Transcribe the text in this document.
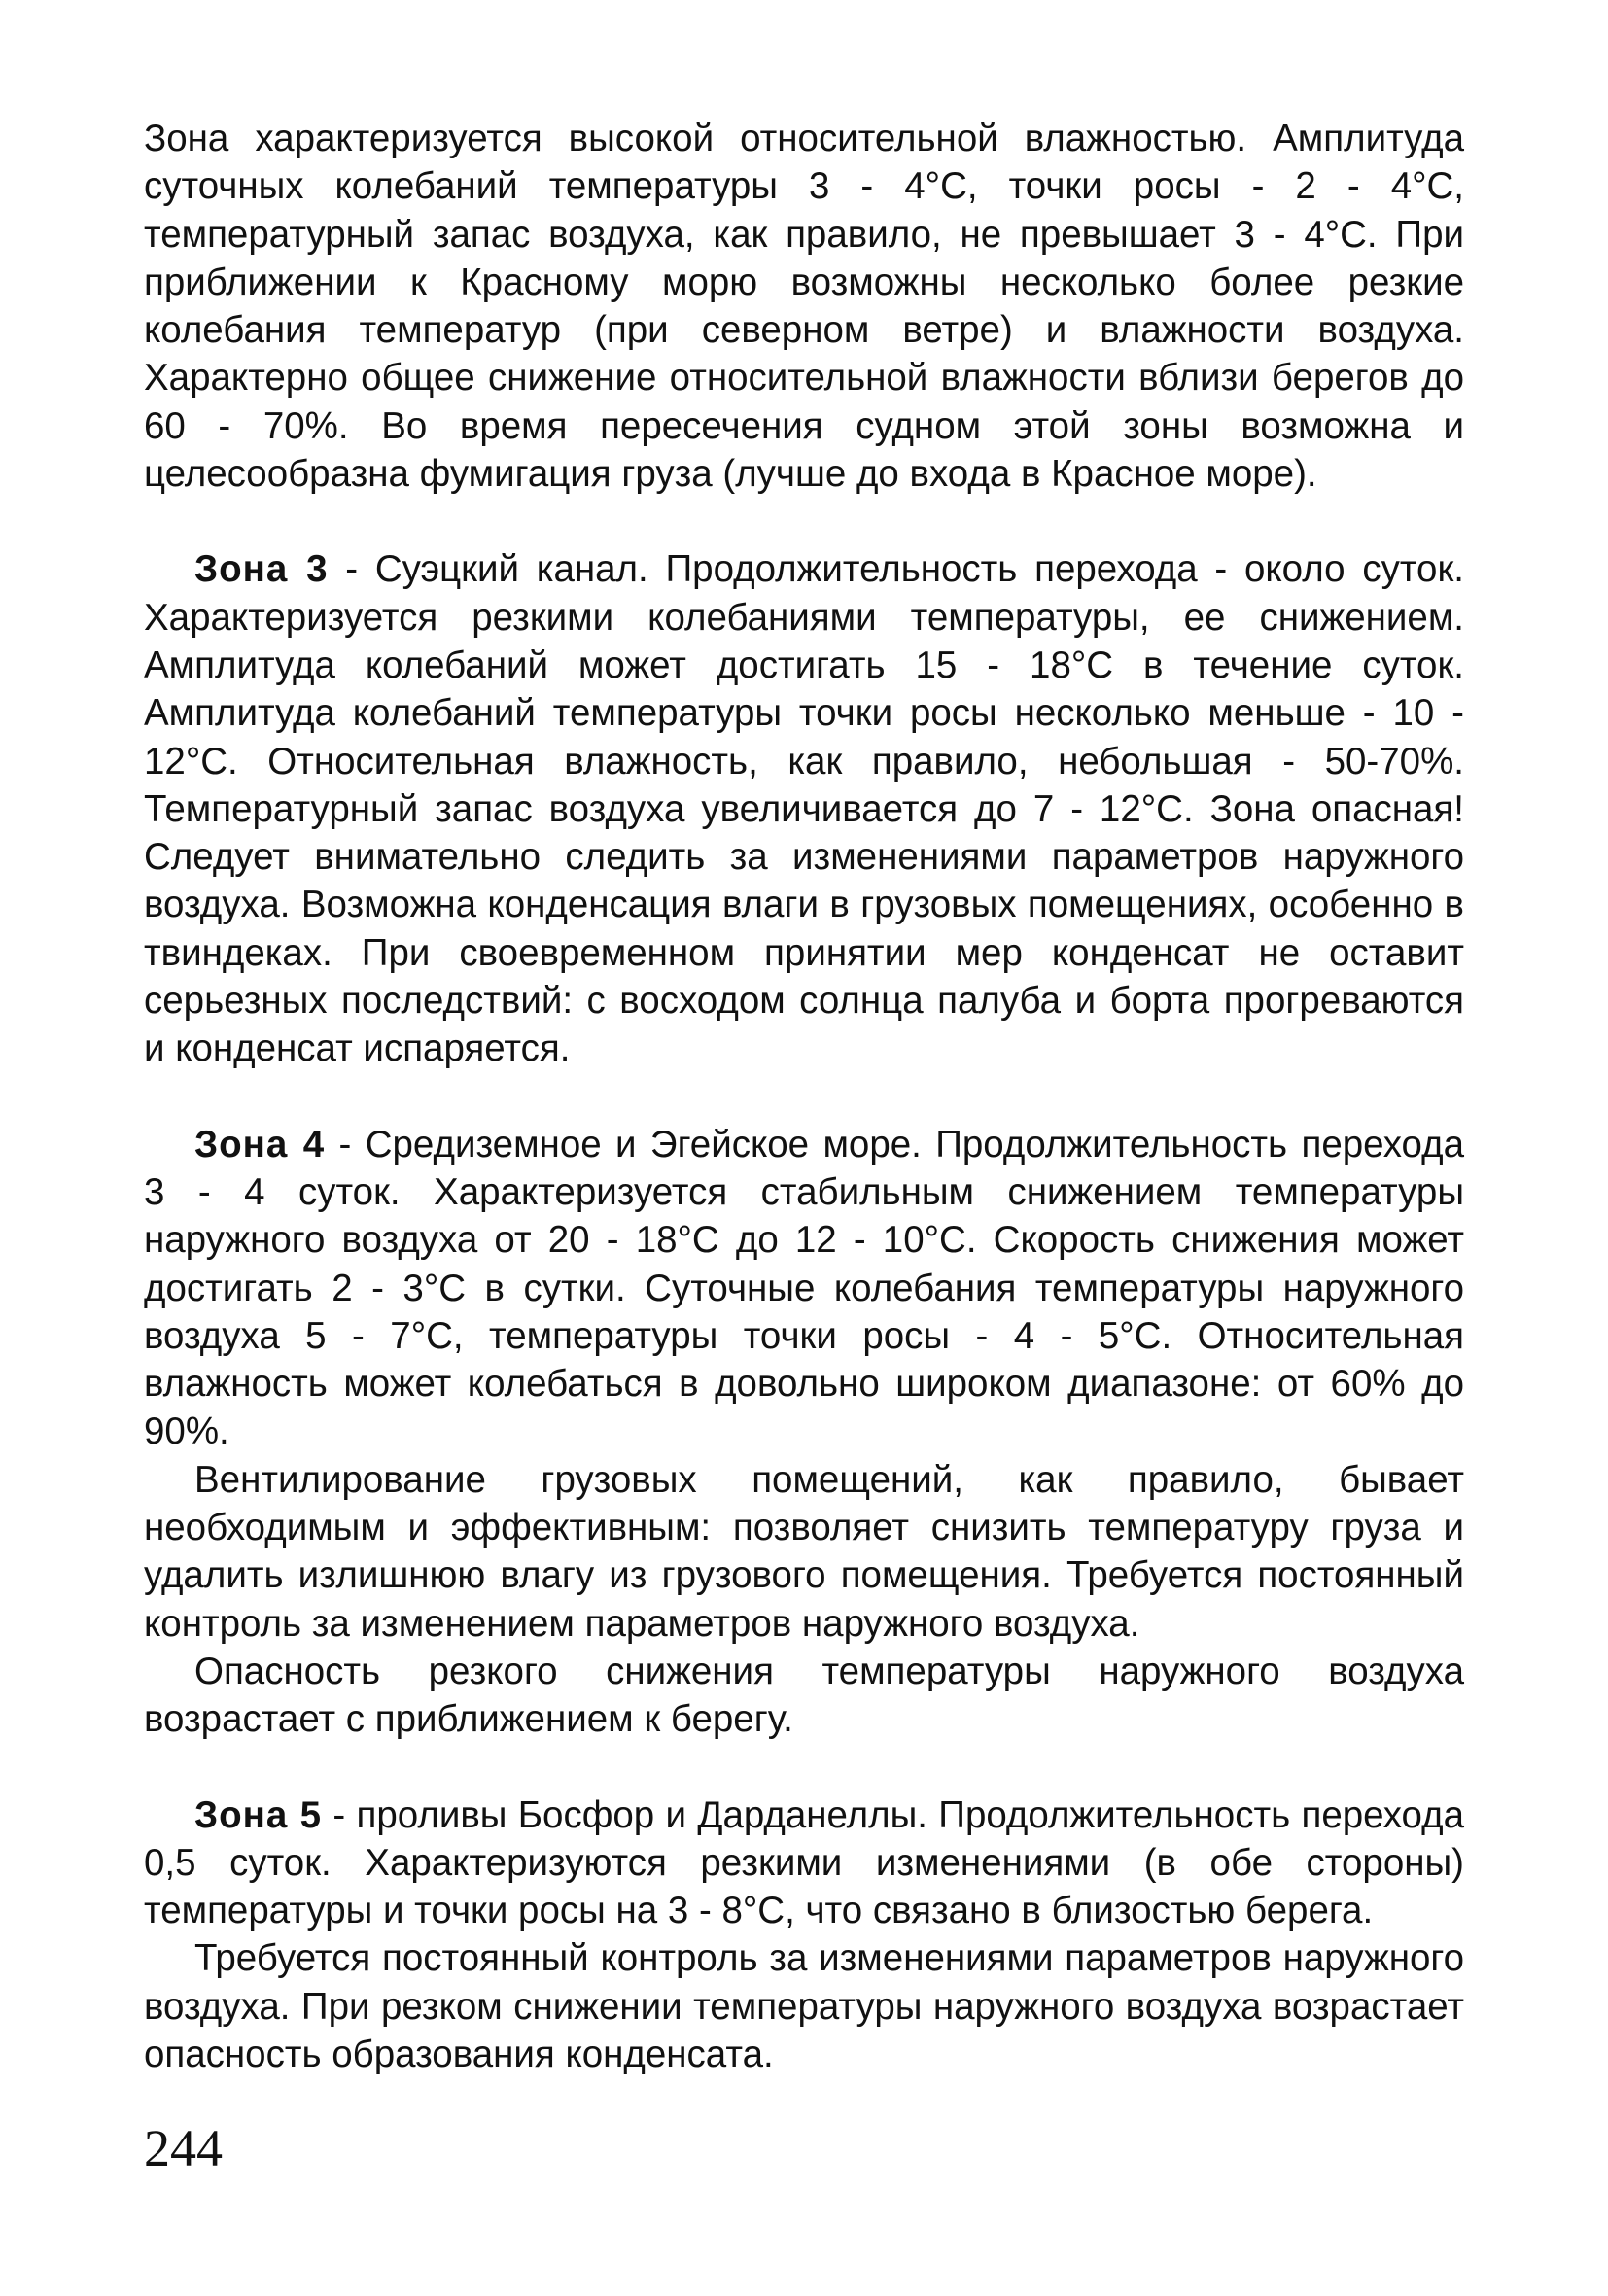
Зона характеризуется высокой относительной влажностью. Амплитуда суточных колебаний температуры 3 - 4°С, точки росы - 2 - 4°С, температурный запас воздуха, как правило, не превышает 3 - 4°С. При приближении к Красному морю возможны несколько более резкие колебания температур (при северном ветре) и влажности воздуха. Характерно общее снижение относительной влажности вблизи берегов до 60 - 70%. Во время пересечения судном этой зоны возможна и целесообразна фумигация груза (лучше до входа в Красное море).

Зона 3 - Суэцкий канал. Продолжительность перехода - около суток. Характеризуется резкими колебаниями температуры, ее снижением. Амплитуда колебаний может достигать 15 - 18°С в течение суток. Амплитуда колебаний температуры точки росы несколько меньше - 10 - 12°С. Относительная влажность, как правило, небольшая - 50-70%. Температурный запас воздуха увеличивается до 7 - 12°С. Зона опасная! Следует внимательно следить за изменениями параметров наружного воздуха. Возможна конденсация влаги в грузовых помещениях, особенно в твиндеках. При своевременном принятии мер конденсат не оставит серьезных последствий: с восходом солнца палуба и борта прогреваются и конденсат испаряется.

Зона 4 - Средиземное и Эгейское море. Продолжительность перехода 3 - 4 суток. Характеризуется стабильным снижением температуры наружного воздуха от 20 - 18°С до 12 - 10°С. Скорость снижения может достигать 2 - 3°С в сутки. Суточные колебания температуры наружного воздуха 5 - 7°С, температуры точки росы - 4 - 5°С. Относительная влажность может колебаться в довольно широком диапазоне: от 60% до 90%.

Вентилирование грузовых помещений, как правило, бывает необходимым и эффективным: позволяет снизить температуру груза и удалить излишнюю влагу из грузового помещения. Требуется постоянный контроль за изменением параметров наружного воздуха.

Опасность резкого снижения температуры наружного воздуха возрастает с приближением к берегу.

Зона 5 - проливы Босфор и Дарданеллы. Продолжительность перехода 0,5 суток. Характеризуются резкими изменениями (в обе стороны) температуры и точки росы на 3 - 8°С, что связано в близостью берега.

Требуется постоянный контроль за изменениями параметров наружного воздуха. При резком снижении температуры наружного воздуха возрастает опасность образования конденсата.

244
